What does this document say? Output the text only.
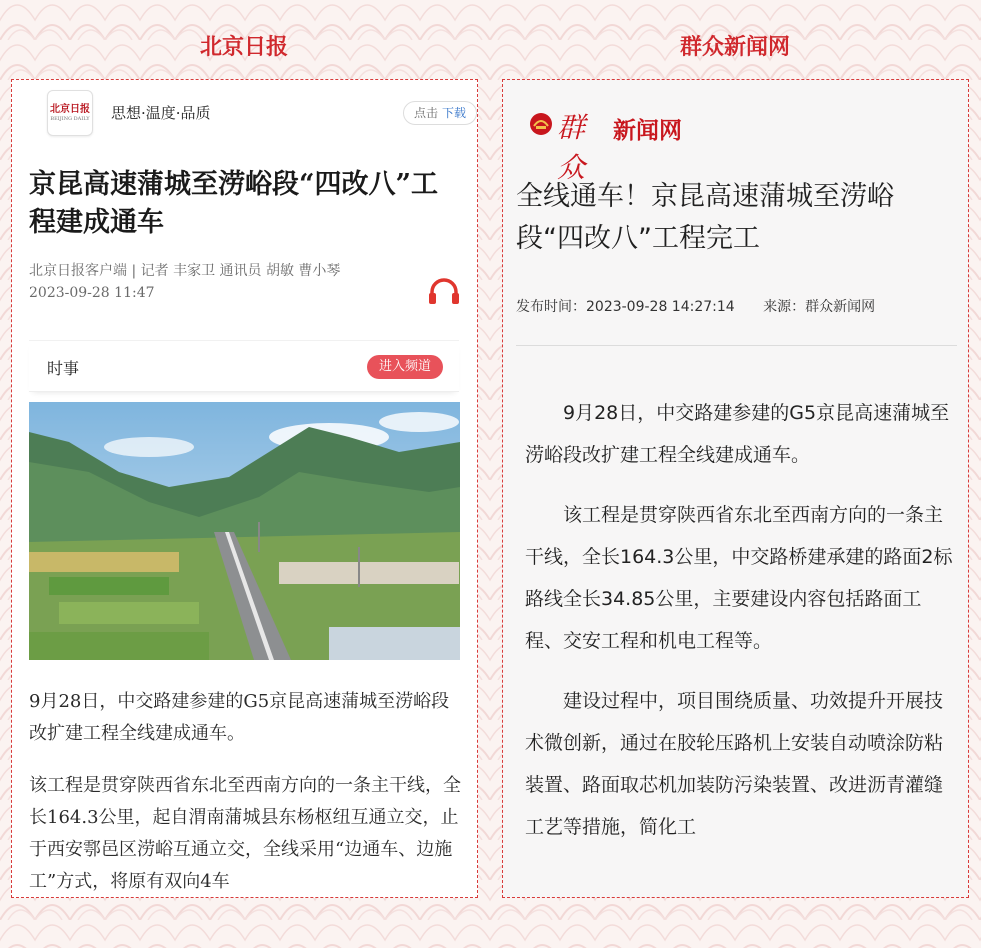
北京日报	群众新闻网
北京日报
BEIJING DAILY 思想·温度·品质	点击 下载
京昆高速蒲城至涝峪段“四改八”工程建成通车
北京日报客户端 | 记者 丰家卫 通讯员 胡敏 曹小琴
2023-09-28 11:47
时事	进入频道

9月28日，中交路建参建的G5京昆高速蒲城至涝峪段改扩建工程全线建成通车。

该工程是贯穿陕西省东北至西南方向的一条主干线，全长164.3公里，起自渭南蒲城县东杨枢纽互通立交，止于西安鄠邑区涝峪互通立交，全线采用“边通车、边施工”方式，将原有双向4车

群众
新闻网
全线通车！京昆高速蒲城至涝峪段“四改八”工程完工
发布时间：2023-09-28 14:27:14 来源：群众新闻网

9月28日，中交路建参建的G5京昆高速蒲城至涝峪段改扩建工程全线建成通车。

该工程是贯穿陕西省东北至西南方向的一条主干线，全长164.3公里，中交路桥建承建的路面2标路线全长34.85公里，主要建设内容包括路面工程、交安工程和机电工程等。

建设过程中，项目围绕质量、功效提升开展技术微创新，通过在胶轮压路机上安装自动喷涂防粘装置、路面取芯机加装防污染装置、改进沥青灌缝工艺等措施，简化工
